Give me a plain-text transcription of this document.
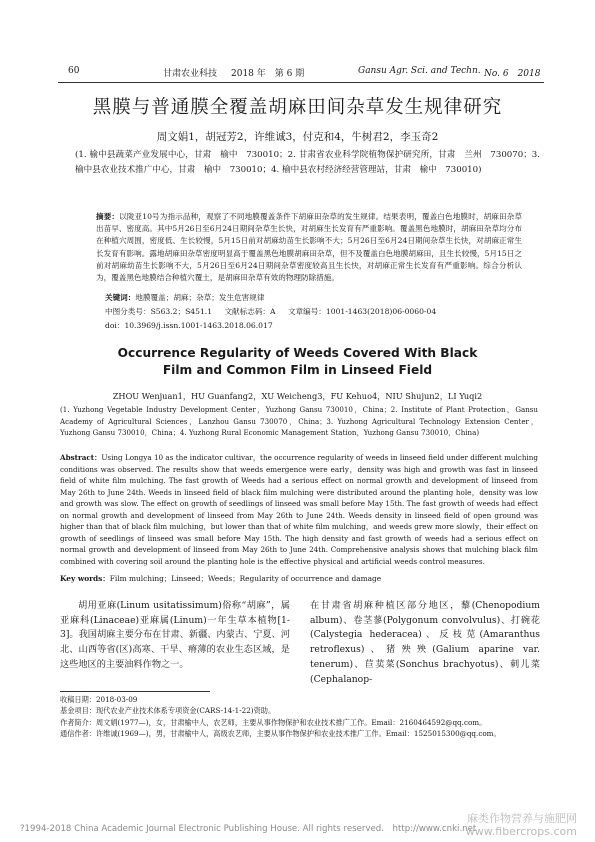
60	甘肃农业科技 2018 年　第 6 期	Gansu Agr. Sci. and Techn. No. 6　2018
黑膜与普通膜全覆盖胡麻田间杂草发生规律研究
周文娟1，胡冠芳2，许维诚3，付克和4，牛树君2，李玉奇2
(1. 榆中县蔬菜产业发展中心，甘肃　榆中　730010；2. 甘肃省农业科学院植物保护研究所，甘肃　兰州　730070；3. 榆中县农业技术推广中心，甘肃　榆中　730010；4. 榆中县农村经济经营管理站，甘肃　榆中　730010)
摘要：以陇亚10号为指示品种，观察了不同地膜覆盖条件下胡麻田杂草的发生规律。结果表明，覆盖白色地膜时，胡麻田杂草出苗早、密度高。其中5月26日至6月24日期间杂草生长快，对胡麻生长发育有严重影响。覆盖黑色地膜时，胡麻田杂草均分布在种植穴周围，密度低、生长较慢，5月15日前对胡麻幼苗生长影响不大；5月26日至6月24日期间杂草生长快，对胡麻正常生长发育有影响。露地胡麻田杂草密度明显高于覆盖黑色地膜胡麻田杂草，但不及覆盖白色地膜胡麻田，且生长较慢，5月15日之前对胡麻幼苗生长影响不大，5月26日至6月24日期间杂草密度较高且生长快，对胡麻正常生长发育有严重影响。综合分析认为，覆盖黑色地膜结合种植穴覆土，是胡麻田杂草有效的物理防除措施。
关键词：地膜覆盖；胡麻；杂草；发生危害规律
中图分类号：S563.2；S451.1 文献标志码：A 文章编号：1001-1463(2018)06-0060-04
doi：10.3969/j.issn.1001-1463.2018.06.017
Occurrence Regularity of Weeds Covered With Black Film and Common Film in Linseed Field
ZHOU Wenjuan1，HU Guanfang2，XU Weicheng3，FU Kehuo4，NIU Shujun2，LI Yuqi2
(1. Yuzhong Vegetable Industry Development Center，Yuzhong Gansu 730010，China；2. Institute of Plant Protection，Gansu Academy of Agricultural Sciences，Lanzhou Gansu 730070，China；3. Yuzhong Agricultural Technology Extension Center，Yuzhong Gansu 730010，China；4. Yuzhong Rural Economic Management Station，Yuzhong Gansu 730010，China)
Abstract：Using Longya 10 as the indicator cultivar，the occurrence regularity of weeds in linseed field under different mulching conditions was observed. The results show that weeds emergence were early，density was high and growth was fast in linseed field of white film mulching. The fast growth of Weeds had a serious effect on normal growth and development of linseed from May 26th to June 24th. Weeds in linseed field of black film mulching were distributed around the planting hole，density was low and growth was slow. The effect on growth of seedlings of linseed was small before May 15th. The fast growth of weeds had effect on normal growth and development of linseed from May 26th to June 24th. Weeds density in linseed field of open ground was higher than that of black film mulching，but lower than that of white film mulching，and weeds grew more slowly，their effect on growth of seedlings of linseed was small before May 15th. The high density and fast growth of weeds had a serious effect on normal growth and development of linseed from May 26th to June 24th. Comprehensive analysis shows that mulching black film combined with covering soil around the planting hole is the effective physical and artificial weeds control measures.
Key words：Film mulching；Linseed；Weeds；Regularity of occurrence and damage
胡用亚麻(Linum usitatissimum)俗称“胡麻”，属亚麻科(Linaceae)亚麻属(Linum)一年生草本植物[1-3]。我国胡麻主要分布在甘肃、新疆、内蒙古、宁夏、河北、山西等省(区)高寒、干旱、瘠薄的农业生态区域，是这些地区的主要油料作物之一。
在甘肃省胡麻种植区部分地区，藜(Chenopodium album)、卷茎蓼(Polygonum convolvulus)、打碗花(Calystegia hederacea)、反枝苋(Amaranthus retroflexus)、猪殃殃(Galium aparine var. tenerum)、苣荬菜(Sonchus brachyotus)、刺儿菜(Cephalanop-

收稿日期：2018-03-09

基金项目：现代农业产业技术体系专项资金(CARS-14-1-22)资助。

作者简介：周文娟(1977—)，女，甘肃榆中人，农艺师，主要从事作物保护和农业技术推广工作。Email：2160464592@qq.com。

通信作者：许维诚(1969—)，男，甘肃榆中人，高级农艺师，主要从事作物保护和农业技术推广工作。Email：1525015300@qq.com。

?1994-2018 China Academic Journal Electronic Publishing House. All rights reserved.　http://www.cnki.net
麻类作物营养与施肥网
www.fibercrops.com
